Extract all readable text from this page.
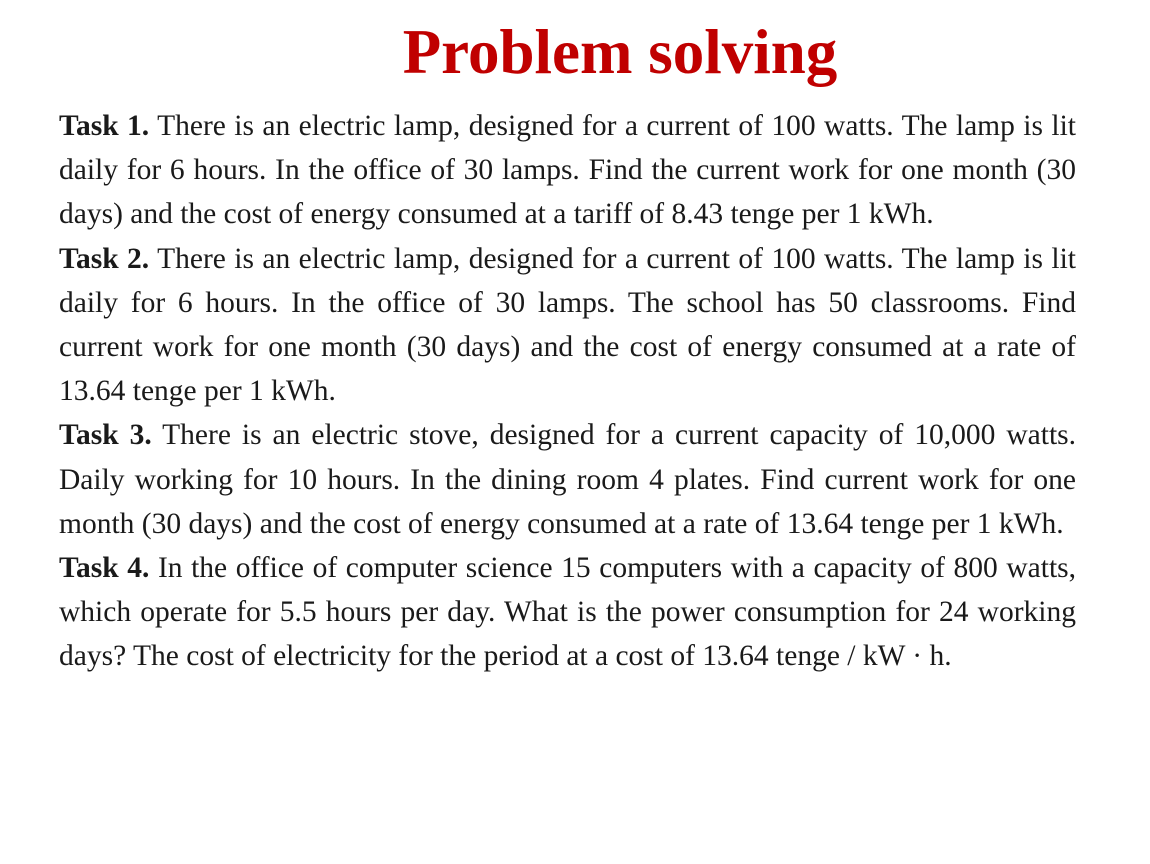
Problem solving

Task 1. There is an electric lamp, designed for a current of 100 watts. The lamp is lit daily for 6 hours. In the office of 30 lamps. Find the current work for one month (30 days) and the cost of energy consumed at a tariff of 8.43 tenge per 1 kWh.

Task 2. There is an electric lamp, designed for a current of 100 watts. The lamp is lit daily for 6 hours. In the office of 30 lamps. The school has 50 classrooms. Find current work for one month (30 days) and the cost of energy consumed at a rate of 13.64 tenge per 1 kWh.

Task 3. There is an electric stove, designed for a current capacity of 10,000 watts. Daily working for 10 hours. In the dining room 4 plates. Find current work for one month (30 days) and the cost of energy consumed at a rate of 13.64 tenge per 1 kWh.

Task 4. In the office of computer science 15 computers with a capacity of 800 watts, which operate for 5.5 hours per day. What is the power consumption for 24 working days? The cost of electricity for the period at a cost of 13.64 tenge / kW · h.
